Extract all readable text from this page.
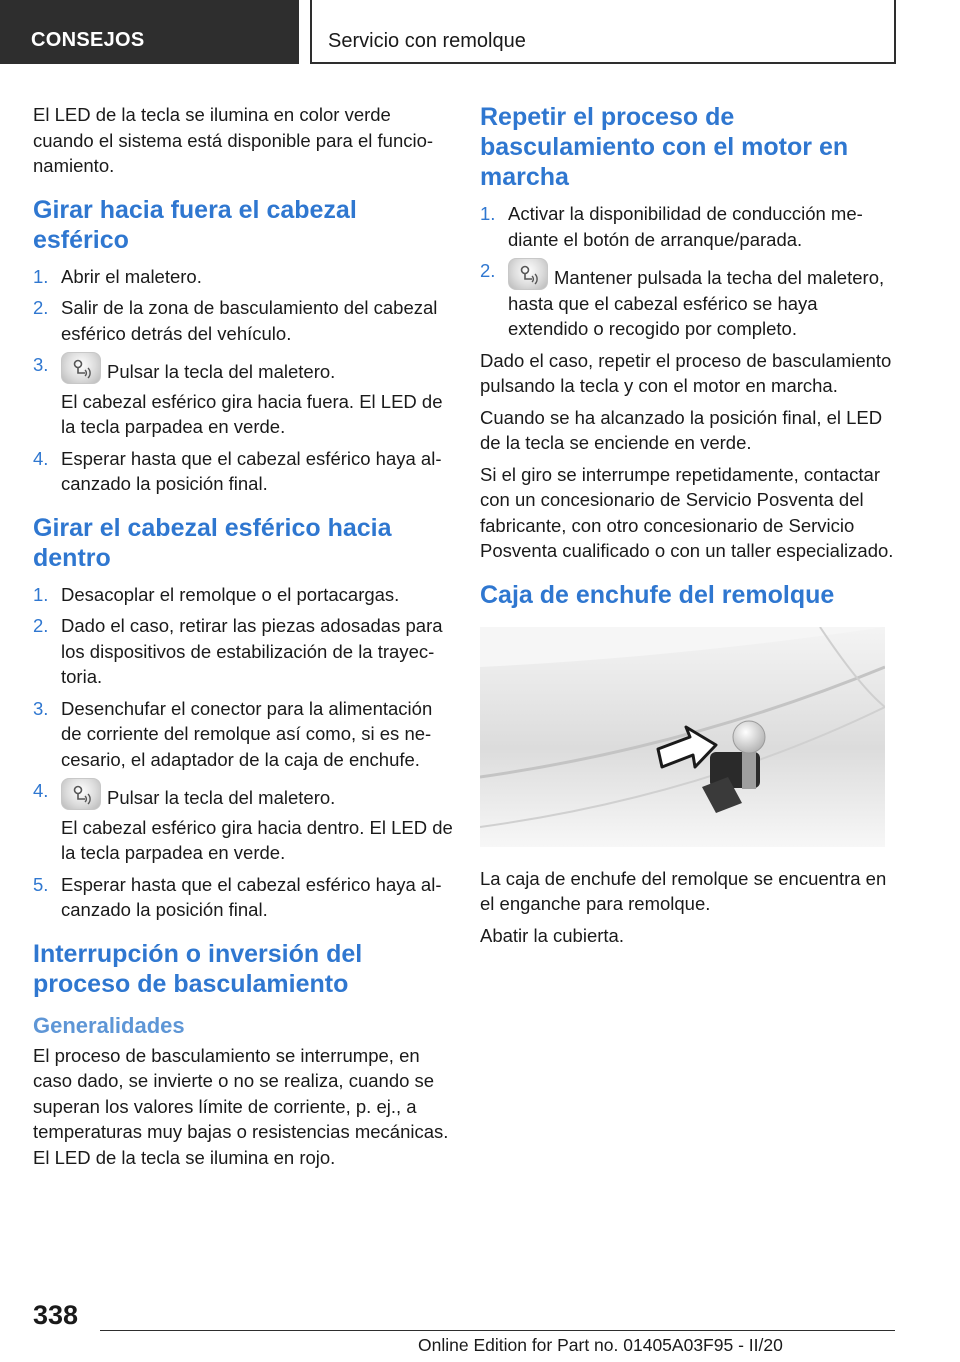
CONSEJOS	Servicio con remolque

El LED de la tecla se ilumina en color verde cuando el sistema está disponible para el funcionamiento.

Girar hacia fuera el cabezal esférico
1. Abrir el maletero.
2. Salir de la zona de basculamiento del cabezal esférico detrás del vehículo.
3.	Pulsar la tecla del maletero.
El cabezal esférico gira hacia fuera. El LED de la tecla parpadea en verde.
4. Esperar hasta que el cabezal esférico haya alcanzado la posición final.
Girar el cabezal esférico hacia dentro
1. Desacoplar el remolque o el portacargas.
2. Dado el caso, retirar las piezas adosadas para los dispositivos de estabilización de la trayectoria.
3. Desenchufar el conector para la alimentación de corriente del remolque así como, si es necesario, el adaptador de la caja de enchufe.
4.	Pulsar la tecla del maletero.
El cabezal esférico gira hacia dentro. El LED de la tecla parpadea en verde.
5. Esperar hasta que el cabezal esférico haya alcanzado la posición final.
Interrupción o inversión del proceso de basculamiento
Generalidades

El proceso de basculamiento se interrumpe, en caso dado, se invierte o no se realiza, cuando se superan los valores límite de corriente, p. ej., a temperaturas muy bajas o resistencias mecánicas. El LED de la tecla se ilumina en rojo.

Repetir el proceso de basculamiento con el motor en marcha
1. Activar la disponibilidad de conducción mediante el botón de arranque/parada.
2.	Mantener pulsada la techa del maletero, hasta que el cabezal esférico se haya extendido o recogido por completo.

Dado el caso, repetir el proceso de basculamiento pulsando la tecla y con el motor en marcha.

Cuando se ha alcanzado la posición final, el LED de la tecla se enciende en verde.

Si el giro se interrumpe repetidamente, contactar con un concesionario de Servicio Posventa del fabricante, con otro concesionario de Servicio Posventa cualificado o con un taller especializado.

Caja de enchufe del remolque

La caja de enchufe del remolque se encuentra en el enganche para remolque.

Abatir la cubierta.

338
Online Edition for Part no. 01405A03F95 - II/20
